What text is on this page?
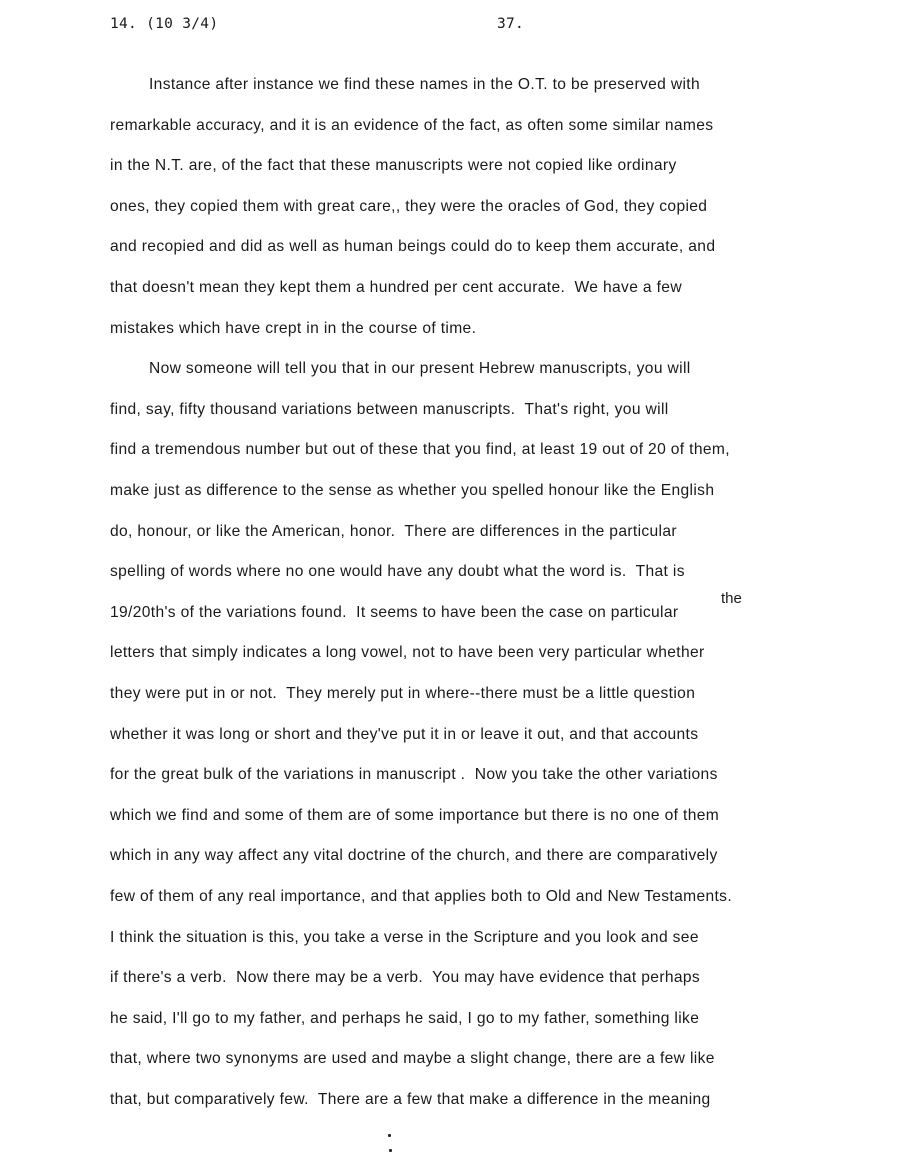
14. (10 3/4)	37.
Instance after instance we find these names in the O.T. to be preserved with
remarkable accuracy, and it is an evidence of the fact, as often some similar names
in the N.T. are, of the fact that these manuscripts were not copied like ordinary
ones, they copied them with great care,, they were the oracles of God, they copied
and recopied and did as well as human beings could do to keep them accurate, and
that doesn't mean they kept them a hundred per cent accurate.  We have a few
mistakes which have crept in in the course of time.
Now someone will tell you that in our present Hebrew manuscripts, you will
find, say, fifty thousand variations between manuscripts.  That's right, you will
find a tremendous number but out of these that you find, at least 19 out of 20 of them,
make just as difference to the sense as whether you spelled honour like the English
do, honour, or like the American, honor.  There are differences in the particular
spelling of words where no one would have any doubt what the word is.  That is
19/20th's of the variations found.  It seems to have been the case on particular
letters that simply indicates a long vowel, not to have been very particular whether
they were put in or not.  They merely put in where--there must be a little question
whether it was long or short and they've put it in or leave it out, and that accounts
for the great bulk of the variations in manuscript .  Now you take the other variations
which we find and some of them are of some importance but there is no one of them
which in any way affect any vital doctrine of the church, and there are comparatively
few of them of any real importance, and that applies both to Old and New Testaments.
I think the situation is this, you take a verse in the Scripture and you look and see
if there's a verb.  Now there may be a verb.  You may have evidence that perhaps
he said, I'll go to my father, and perhaps he said, I go to my father, something like
that, where two synonyms are used and maybe a slight change, there are a few like
that, but comparatively few.  There are a few that make a difference in the meaning
the
